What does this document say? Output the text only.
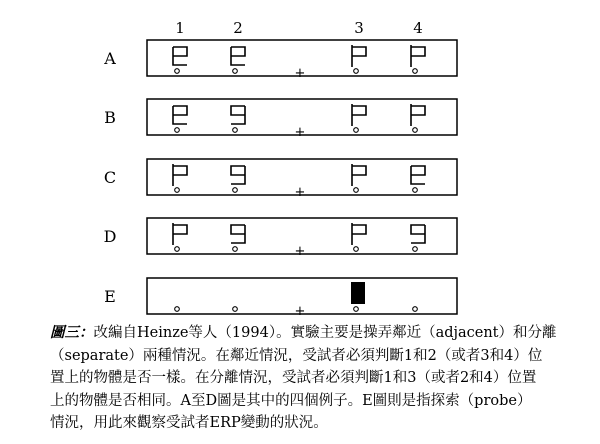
1	2	3	4
A
+
B
+
C
+
D
+
E
+

圖三：改編自Heinze等人（1994）。實驗主要是操弄鄰近（adjacent）和分離
（separate）兩種情況。在鄰近情況，受試者必須判斷1和2（或者3和4）位
置上的物體是否一樣。在分離情況，受試者必須判斷1和3（或者2和4）位置
上的物體是否相同。A至D圖是其中的四個例子。E圖則是指探索（probe）
情況，用此來觀察受試者ERP變動的狀況。
